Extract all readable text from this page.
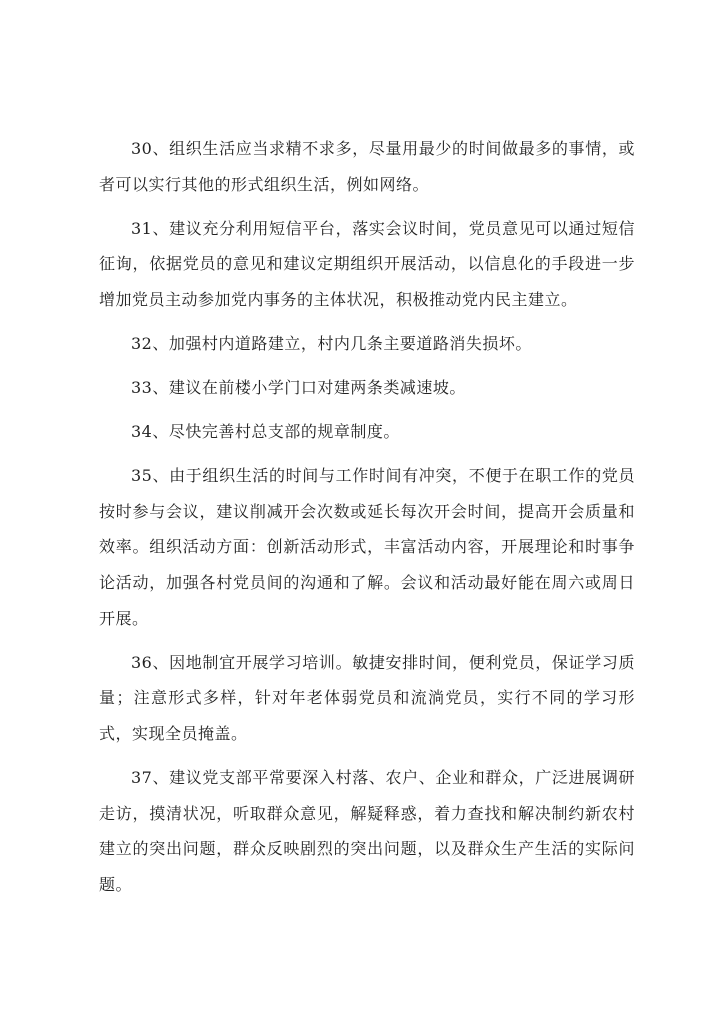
30、组织生活应当求精不求多，尽量用最少的时间做最多的事情，或者可以实行其他的形式组织生活，例如网络。

31、建议充分利用短信平台，落实会议时间，党员意见可以通过短信征询，依据党员的意见和建议定期组织开展活动，以信息化的手段进一步增加党员主动参加党内事务的主体状况，积极推动党内民主建立。

32、加强村内道路建立，村内几条主要道路消失损坏。

33、建议在前楼小学门口对建两条类减速坡。

34、尽快完善村总支部的规章制度。

35、由于组织生活的时间与工作时间有冲突，不便于在职工作的党员按时参与会议，建议削减开会次数或延长每次开会时间，提高开会质量和效率。组织活动方面：创新活动形式，丰富活动内容，开展理论和时事争论活动，加强各村党员间的沟通和了解。会议和活动最好能在周六或周日开展。

36、因地制宜开展学习培训。敏捷安排时间，便利党员，保证学习质量；注意形式多样，针对年老体弱党员和流淌党员，实行不同的学习形式，实现全员掩盖。

37、建议党支部平常要深入村落、农户、企业和群众，广泛进展调研走访，摸清状况，听取群众意见，解疑释惑，着力查找和解决制约新农村建立的突出问题，群众反映剧烈的突出问题，以及群众生产生活的实际问题。
